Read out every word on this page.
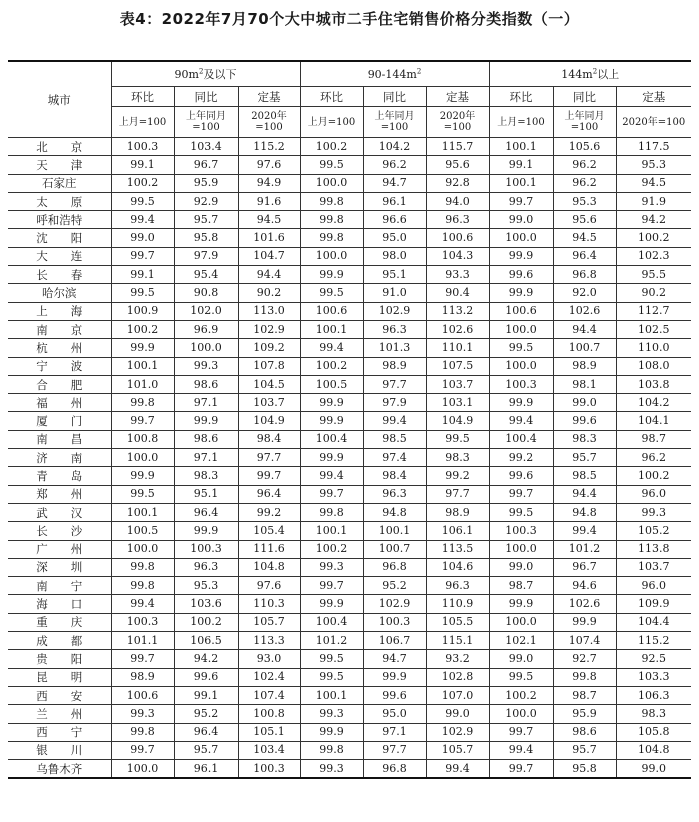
表4：2022年7月70个大中城市二手住宅销售价格分类指数（一）
城市	$90m^2$及以下			$90-144m^2$			$144m^2$以上		
	环比	同比	定基	环比	同比	定基	环比	同比	定基
	上月=100	上年同月=100	2020年=100	上月=100	上年同月=100	2020年=100	上月=100	上年同月=100	2020年=100
北　　京	100.3	103.4	115.2	100.2	104.2	115.7	100.1	105.6	117.5
天　　津	99.1	96.7	97.6	99.5	96.2	95.6	99.1	96.2	95.3
石家庄	100.2	95.9	94.9	100.0	94.7	92.8	100.1	96.2	94.5
太　　原	99.5	92.9	91.6	99.8	96.1	94.0	99.7	95.3	91.9
呼和浩特	99.4	95.7	94.5	99.8	96.6	96.3	99.0	95.6	94.2
沈　　阳	99.0	95.8	101.6	99.8	95.0	100.6	100.0	94.5	100.2
大　　连	99.7	97.9	104.7	100.0	98.0	104.3	99.9	96.4	102.3
长　　春	99.1	95.4	94.4	99.9	95.1	93.3	99.6	96.8	95.5
哈尔滨	99.5	90.8	90.2	99.5	91.0	90.4	99.9	92.0	90.2
上　　海	100.9	102.0	113.0	100.6	102.9	113.2	100.6	102.6	112.7
南　　京	100.2	96.9	102.9	100.1	96.3	102.6	100.0	94.4	102.5
杭　　州	99.9	100.0	109.2	99.4	101.3	110.1	99.5	100.7	110.0
宁　　波	100.1	99.3	107.8	100.2	98.9	107.5	100.0	98.9	108.0
合　　肥	101.0	98.6	104.5	100.5	97.7	103.7	100.3	98.1	103.8
福　　州	99.8	97.1	103.7	99.9	97.9	103.1	99.9	99.0	104.2
厦　　门	99.7	99.9	104.9	99.9	99.4	104.9	99.4	99.6	104.1
南　　昌	100.8	98.6	98.4	100.4	98.5	99.5	100.4	98.3	98.7
济　　南	100.0	97.1	97.7	99.9	97.4	98.3	99.2	95.7	96.2
青　　岛	99.9	98.3	99.7	99.4	98.4	99.2	99.6	98.5	100.2
郑　　州	99.5	95.1	96.4	99.7	96.3	97.7	99.7	94.4	96.0
武　　汉	100.1	96.4	99.2	99.8	94.8	98.9	99.5	94.8	99.3
长　　沙	100.5	99.9	105.4	100.1	100.1	106.1	100.3	99.4	105.2
广　　州	100.0	100.3	111.6	100.2	100.7	113.5	100.0	101.2	113.8
深　　圳	99.8	96.3	104.8	99.3	96.8	104.6	99.0	96.7	103.7
南　　宁	99.8	95.3	97.6	99.7	95.2	96.3	98.7	94.6	96.0
海　　口	99.4	103.6	110.3	99.9	102.9	110.9	99.9	102.6	109.9
重　　庆	100.3	100.2	105.7	100.4	100.3	105.5	100.0	99.9	104.4
成　　都	101.1	106.5	113.3	101.2	106.7	115.1	102.1	107.4	115.2
贵　　阳	99.7	94.2	93.0	99.5	94.7	93.2	99.0	92.7	92.5
昆　　明	98.9	99.6	102.4	99.5	99.9	102.8	99.5	99.8	103.3
西　　安	100.6	99.1	107.4	100.1	99.6	107.0	100.2	98.7	106.3
兰　　州	99.3	95.2	100.8	99.3	95.0	99.0	100.0	95.9	98.3
西　　宁	99.8	96.4	105.1	99.9	97.1	102.9	99.7	98.6	105.8
银　　川	99.7	95.7	103.4	99.8	97.7	105.7	99.4	95.7	104.8
乌鲁木齐	100.0	96.1	100.3	99.3	96.8	99.4	99.7	95.8	99.0
